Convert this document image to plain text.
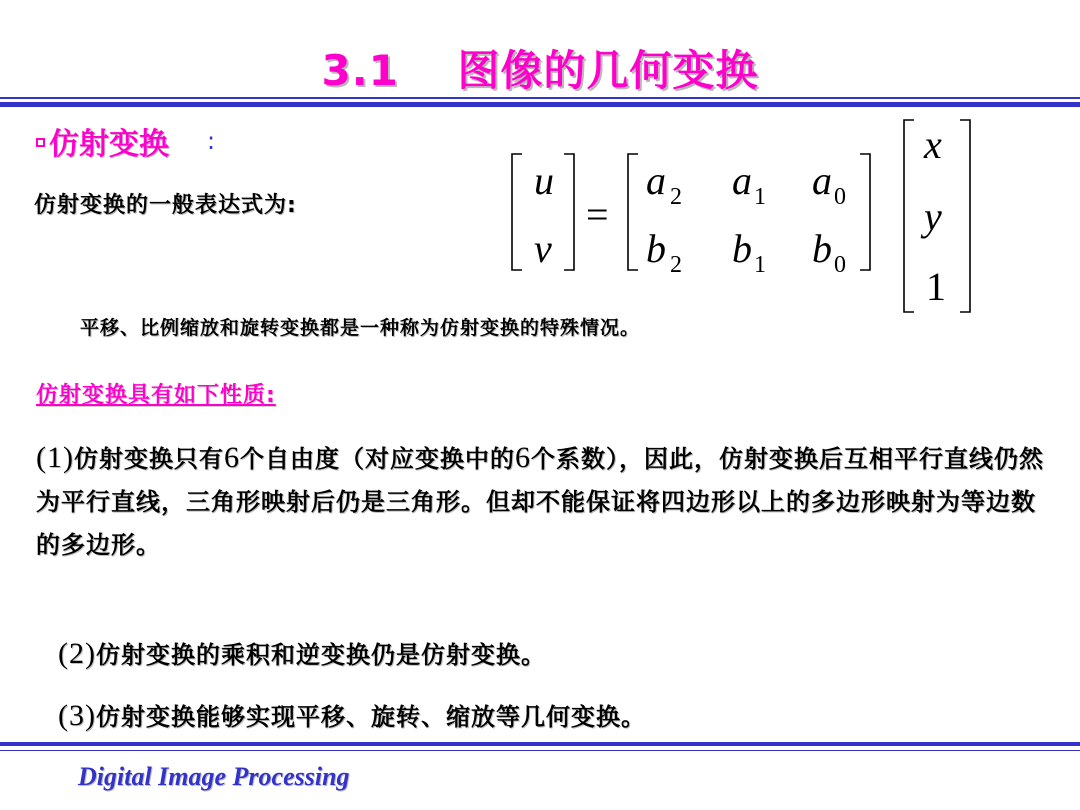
3.1　 图像的几何变换
仿射变换 :
仿射变换的一般表达式为:
u
v
=
a 2 a 1 a 0
b 2 b 1 b 0
x
y
1
平移、比例缩放和旋转变换都是一种称为仿射变换的特殊情况。
仿射变换具有如下性质:
(1)仿射变换只有6个自由度（对应变换中的6个系数），因此，仿射变换后互相平行直线仍然为平行直线，三角形映射后仍是三角形。但却不能保证将四边形以上的多边形映射为等边数的多边形。
(2)仿射变换的乘积和逆变换仍是仿射变换。
(3)仿射变换能够实现平移、旋转、缩放等几何变换。
Digital Image Processing
